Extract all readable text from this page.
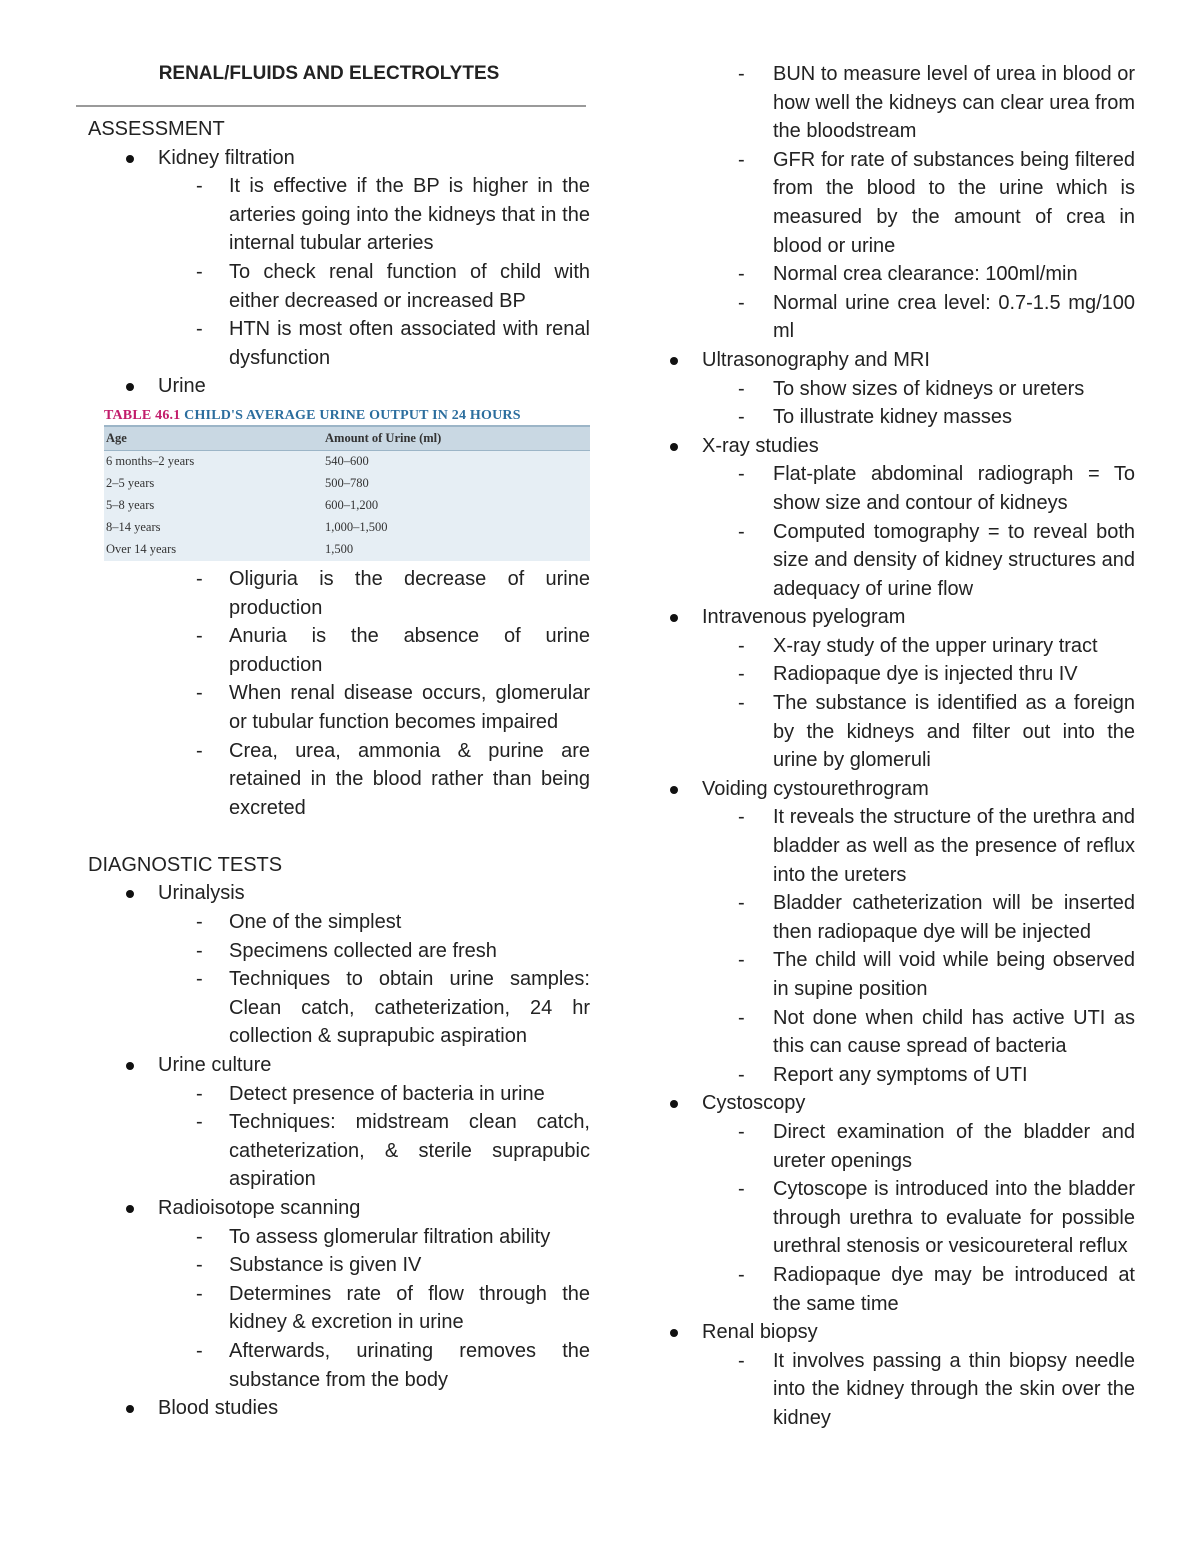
RENAL/FLUIDS AND ELECTROLYTES
ASSESSMENT
Kidney filtration
- It is effective if the BP is higher in the arteries going into the kidneys that in the internal tubular arteries
- To check renal function of child with either decreased or increased BP
- HTN is most often associated with renal dysfunction
Urine
TABLE 46.1 CHILD'S AVERAGE URINE OUTPUT IN 24 HOURS
Age	Amount of Urine (ml)
6 months–2 years	540–600
2–5 years	500–780
5–8 years	600–1,200
8–14 years	1,000–1,500
Over 14 years	1,500
- Oliguria is the decrease of urine production
- Anuria is the absence of urine production
- When renal disease occurs, glomerular or tubular function becomes impaired
- Crea, urea, ammonia & purine are retained in the blood rather than being excreted
DIAGNOSTIC TESTS
Urinalysis
- One of the simplest
- Specimens collected are fresh
- Techniques to obtain urine samples: Clean catch, catheterization, 24 hr collection & suprapubic aspiration
Urine culture
- Detect presence of bacteria in urine
- Techniques: midstream clean catch, catheterization, & sterile suprapubic aspiration
Radioisotope scanning
- To assess glomerular filtration ability
- Substance is given IV
- Determines rate of flow through the kidney & excretion in urine
- Afterwards, urinating removes the substance from the body
Blood studies
- BUN to measure level of urea in blood or how well the kidneys can clear urea from the bloodstream
- GFR for rate of substances being filtered from the blood to the urine which is measured by the amount of crea in blood or urine
- Normal crea clearance: 100ml/min
- Normal urine crea level: 0.7-1.5 mg/100 ml
Ultrasonography and MRI
- To show sizes of kidneys or ureters
- To illustrate kidney masses
X-ray studies
- Flat-plate abdominal radiograph = To show size and contour of kidneys
- Computed tomography = to reveal both size and density of kidney structures and adequacy of urine flow
Intravenous pyelogram
- X-ray study of the upper urinary tract
- Radiopaque dye is injected thru IV
- The substance is identified as a foreign by the kidneys and filter out into the urine by glomeruli
Voiding cystourethrogram
- It reveals the structure of the urethra and bladder as well as the presence of reflux into the ureters
- Bladder catheterization will be inserted then radiopaque dye will be injected
- The child will void while being observed in supine position
- Not done when child has active UTI as this can cause spread of bacteria
- Report any symptoms of UTI
Cystoscopy
- Direct examination of the bladder and ureter openings
- Cytoscope is introduced into the bladder through urethra to evaluate for possible urethral stenosis or vesicoureteral reflux
- Radiopaque dye may be introduced at the same time
Renal biopsy
- It involves passing a thin biopsy needle into the kidney through the skin over the kidney
